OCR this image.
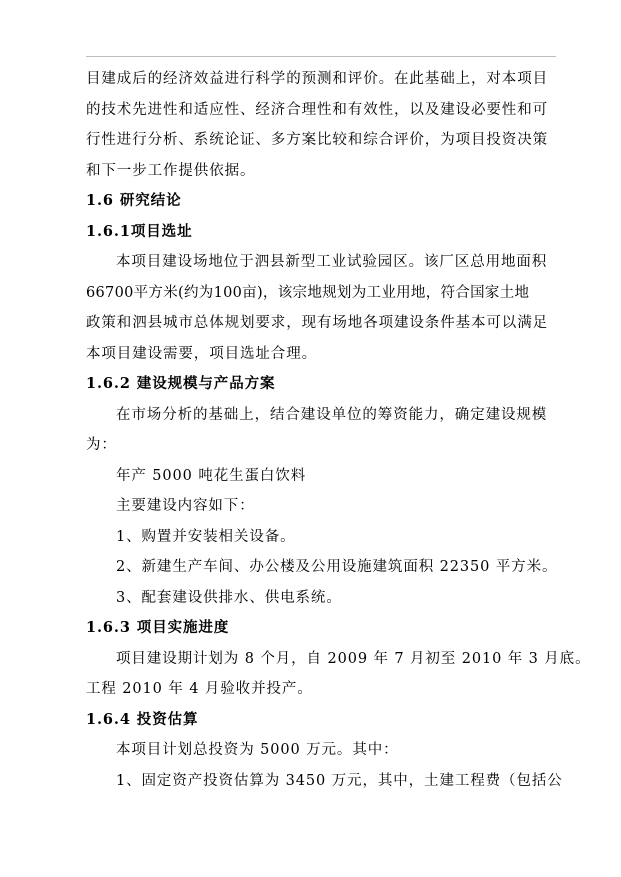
目建成后的经济效益进行科学的预测和评价。在此基础上，对本项目
的技术先进性和适应性、经济合理性和有效性，以及建设必要性和可
行性进行分析、系统论证、多方案比较和综合评价，为项目投资决策
和下一步工作提供依据。
1.6 研究结论
1.6.1项目选址
本项目建设场地位于泗县新型工业试验园区。该厂区总用地面积
66700平方米(约为100亩)，该宗地规划为工业用地，符合国家土地
政策和泗县城市总体规划要求，现有场地各项建设条件基本可以满足
本项目建设需要，项目选址合理。
1.6.2 建设规模与产品方案
在市场分析的基础上，结合建设单位的筹资能力，确定建设规模
为：
年产 5000 吨花生蛋白饮料
主要建设内容如下：
1、购置并安装相关设备。
2、新建生产车间、办公楼及公用设施建筑面积 22350 平方米。
3、配套建设供排水、供电系统。
1.6.3 项目实施进度
项目建设期计划为 8 个月，自 2009 年 7 月初至 2010 年 3 月底。
工程 2010 年 4 月验收并投产。
1.6.4 投资估算
本项目计划总投资为 5000 万元。其中：
1、固定资产投资估算为 3450 万元，其中，土建工程费（包括公
